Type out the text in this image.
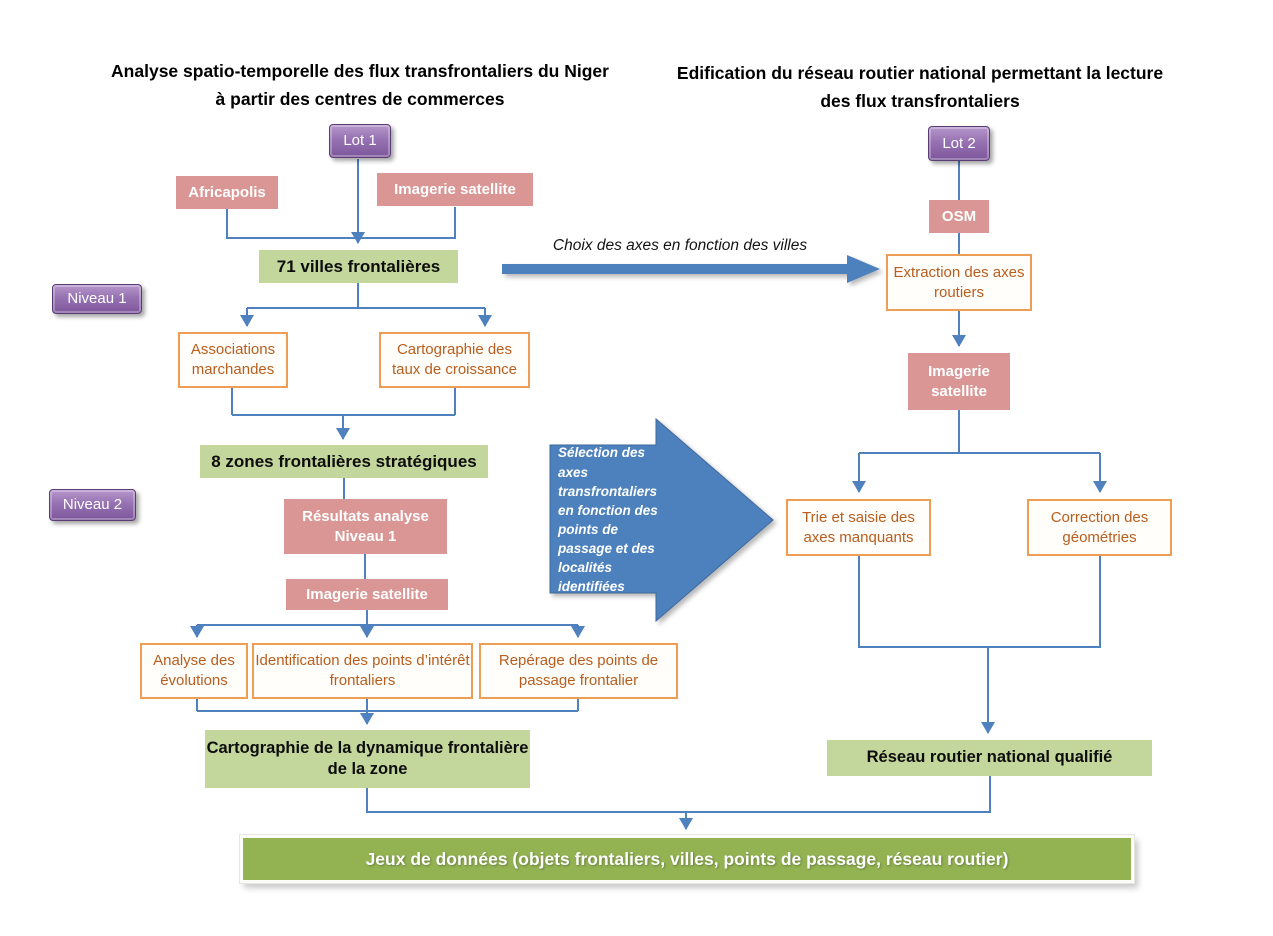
Analyse spatio-temporelle des flux transfrontaliers du Niger à partir des centres de commerces
Edification du réseau routier national permettant la lecture des flux transfrontaliers
Lot 1	Lot 2
Niveau 1
Niveau 2
Africapolis	Imagerie satellite
71 villes frontalières
Associations marchandes
Cartographie des taux de croissance
8 zones frontalières stratégiques
Résultats analyse Niveau 1
Imagerie satellite
Analyse des évolutions
Identification des points d’intérêt frontaliers
Repérage des points de passage frontalier
Cartographie de la dynamique frontalière de la zone
OSM
Extraction des axes routiers
Imagerie satellite
Trie et saisie des axes manquants
Correction des géométries
Réseau routier national qualifié
Choix des axes en fonction des villes
Sélection des axes transfrontaliers en fonction des points de passage et des localités identifiées
Jeux de données (objets frontaliers, villes, points de passage, réseau routier)
